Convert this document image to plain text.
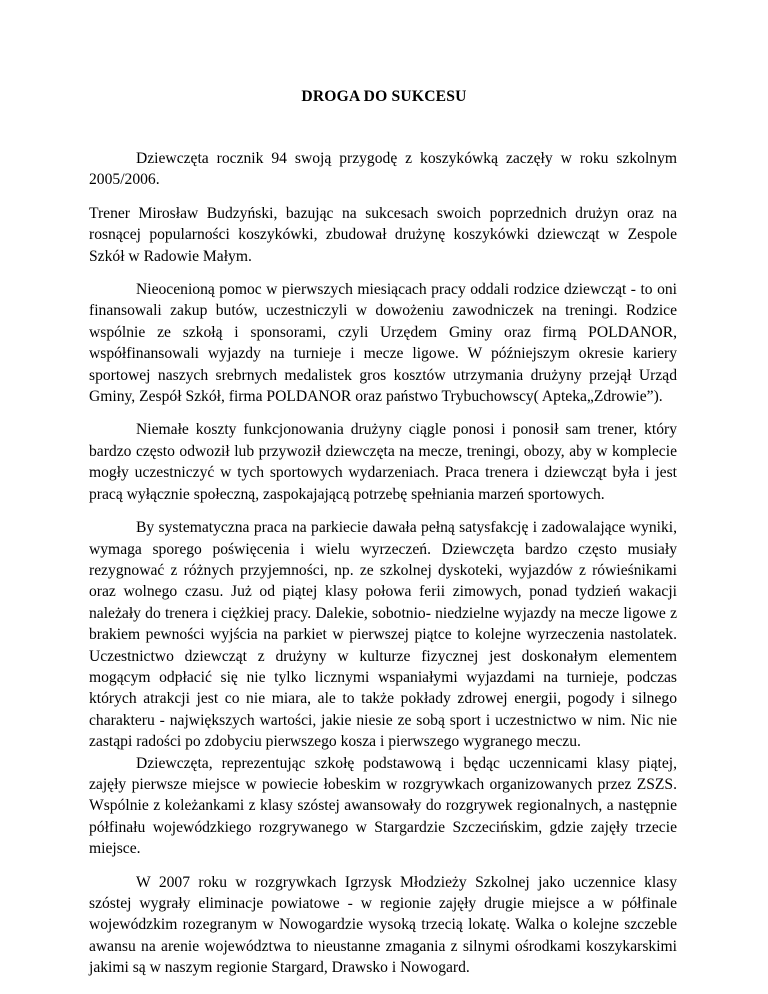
DROGA DO SUKCESU

Dziewczęta rocznik 94 swoją przygodę z koszykówką zaczęły w roku szkolnym 2005/2006.

Trener Mirosław Budzyński, bazując na sukcesach swoich poprzednich drużyn oraz na rosnącej popularności koszykówki, zbudował drużynę koszykówki dziewcząt w Zespole Szkół w Radowie Małym.

Nieocenioną pomoc w pierwszych miesiącach pracy oddali rodzice dziewcząt - to oni finansowali zakup butów, uczestniczyli w dowożeniu zawodniczek na treningi. Rodzice wspólnie ze szkołą i sponsorami, czyli Urzędem Gminy oraz firmą POLDANOR, współfinansowali wyjazdy na turnieje i mecze ligowe. W późniejszym okresie kariery sportowej naszych srebrnych medalistek gros kosztów utrzymania drużyny przejął Urząd Gminy, Zespół Szkół, firma POLDANOR oraz państwo Trybuchowscy( Apteka„Zdrowie”).

Niemałe koszty funkcjonowania drużyny ciągle ponosi i ponosił sam trener, który bardzo często odwoził lub przywoził dziewczęta na mecze, treningi, obozy, aby w komplecie mogły uczestniczyć w tych sportowych wydarzeniach. Praca trenera i dziewcząt była i jest pracą wyłącznie społeczną, zaspokajającą potrzebę spełniania marzeń sportowych.

By systematyczna praca na parkiecie dawała pełną satysfakcję i zadowalające wyniki, wymaga sporego poświęcenia i wielu wyrzeczeń. Dziewczęta bardzo często musiały rezygnować z różnych przyjemności, np. ze szkolnej dyskoteki, wyjazdów z rówieśnikami oraz wolnego czasu. Już od piątej klasy połowa ferii zimowych, ponad tydzień wakacji należały do trenera i ciężkiej pracy. Dalekie, sobotnio- niedzielne wyjazdy na mecze ligowe z brakiem pewności wyjścia na parkiet w pierwszej piątce to kolejne wyrzeczenia nastolatek. Uczestnictwo dziewcząt z drużyny w kulturze fizycznej jest doskonałym elementem mogącym odpłacić się nie tylko licznymi wspaniałymi wyjazdami na turnieje, podczas których atrakcji jest co nie miara, ale to także pokłady zdrowej energii, pogody i silnego charakteru - największych wartości, jakie niesie ze sobą sport i uczestnictwo w nim. Nic nie zastąpi radości po zdobyciu pierwszego kosza i pierwszego wygranego meczu.

Dziewczęta, reprezentując szkołę podstawową i będąc uczennicami klasy piątej, zajęły pierwsze miejsce w powiecie łobeskim w rozgrywkach organizowanych przez ZSZS. Wspólnie z koleżankami z klasy szóstej awansowały do rozgrywek regionalnych, a następnie półfinału wojewódzkiego rozgrywanego w Stargardzie Szczecińskim, gdzie zajęły trzecie miejsce.

W 2007 roku w rozgrywkach Igrzysk Młodzieży Szkolnej jako uczennice klasy szóstej wygrały eliminacje powiatowe - w regionie zajęły drugie miejsce a w półfinale wojewódzkim rozegranym w Nowogardzie wysoką trzecią lokatę. Walka o kolejne szczeble awansu na arenie województwa to nieustanne zmagania z silnymi ośrodkami koszykarskimi jakimi są w naszym regionie Stargard, Drawsko i Nowogard.
